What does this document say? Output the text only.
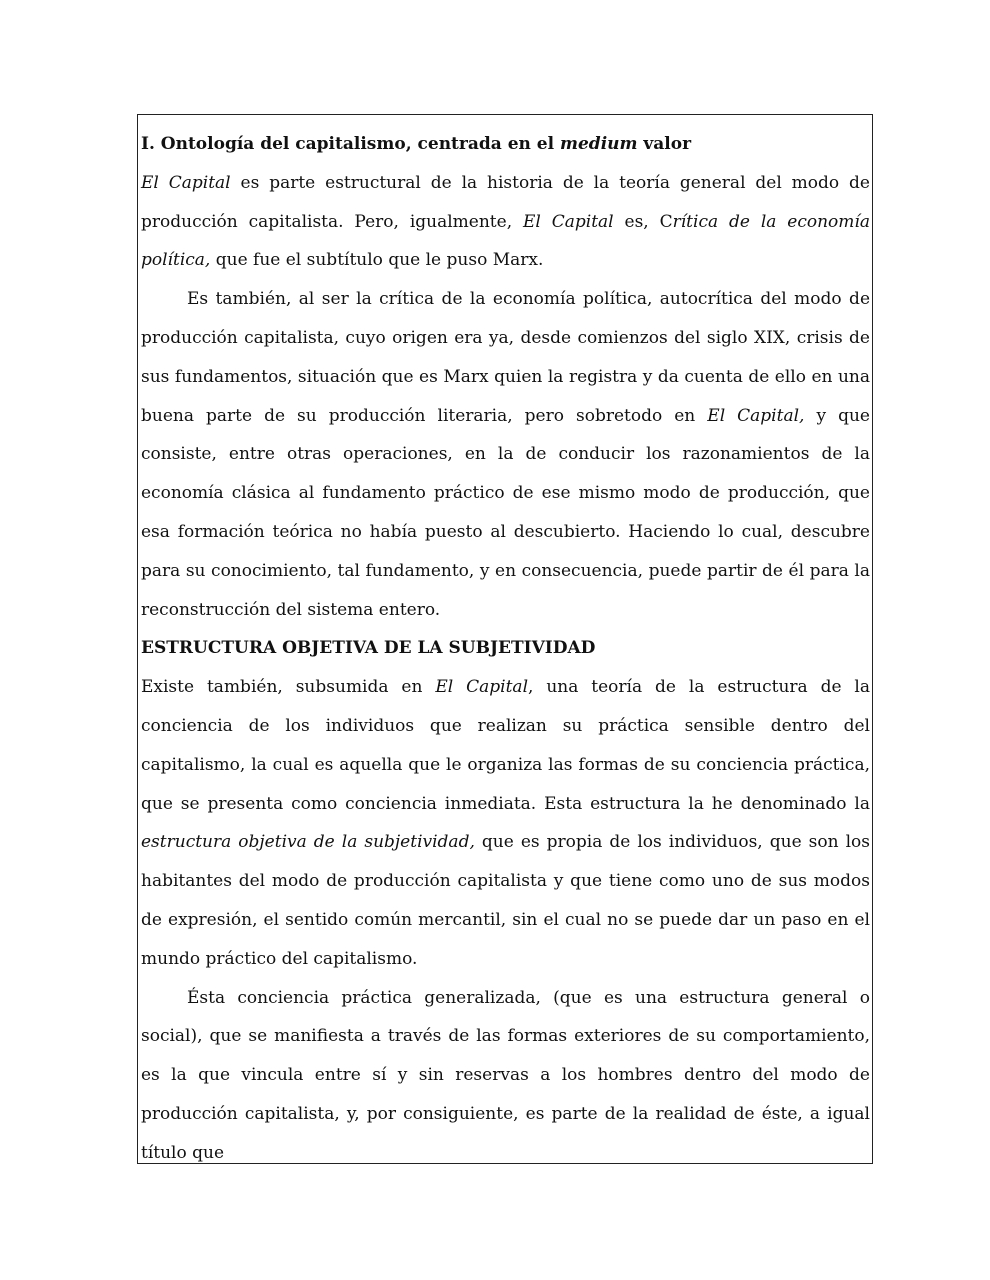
I. Ontología del capitalismo, centrada en el medium valor

El Capital es parte estructural de la historia de la teoría general del modo de producción capitalista. Pero, igualmente, El Capital es, Crítica de la economía política, que fue el subtítulo que le puso Marx.

Es también, al ser la crítica de la economía política, autocrítica del modo de producción capitalista, cuyo origen era ya, desde comienzos del siglo XIX, crisis de sus fundamentos, situación que es Marx quien la registra y da cuenta de ello en una buena parte de su producción literaria, pero sobretodo en El Capital, y que consiste, entre otras operaciones, en la de conducir los razonamientos de la economía clásica al fundamento práctico de ese mismo modo de producción, que esa formación teórica no había puesto al descubierto. Haciendo lo cual, descubre para su conocimiento, tal fundamento, y en consecuencia, puede partir de él para la reconstrucción del sistema entero.

ESTRUCTURA OBJETIVA DE LA SUBJETIVIDAD

Existe también, subsumida en El Capital, una teoría de la estructura de la conciencia de los individuos que realizan su práctica sensible dentro del capitalismo, la cual es aquella que le organiza las formas de su conciencia práctica, que se presenta como conciencia inmediata. Esta estructura la he denominado la estructura objetiva de la subjetividad, que es propia de los individuos, que son los habitantes del modo de producción capitalista y que tiene como uno de sus modos de expresión, el sentido común mercantil, sin el cual no se puede dar un paso en el mundo práctico del capitalismo.

Ésta conciencia práctica generalizada, (que es una estructura general o social), que se manifiesta a través de las formas exteriores de su comportamiento, es la que vincula entre sí y sin reservas a los hombres dentro del modo de producción capitalista, y, por consiguiente, es parte de la realidad de éste, a igual título que
